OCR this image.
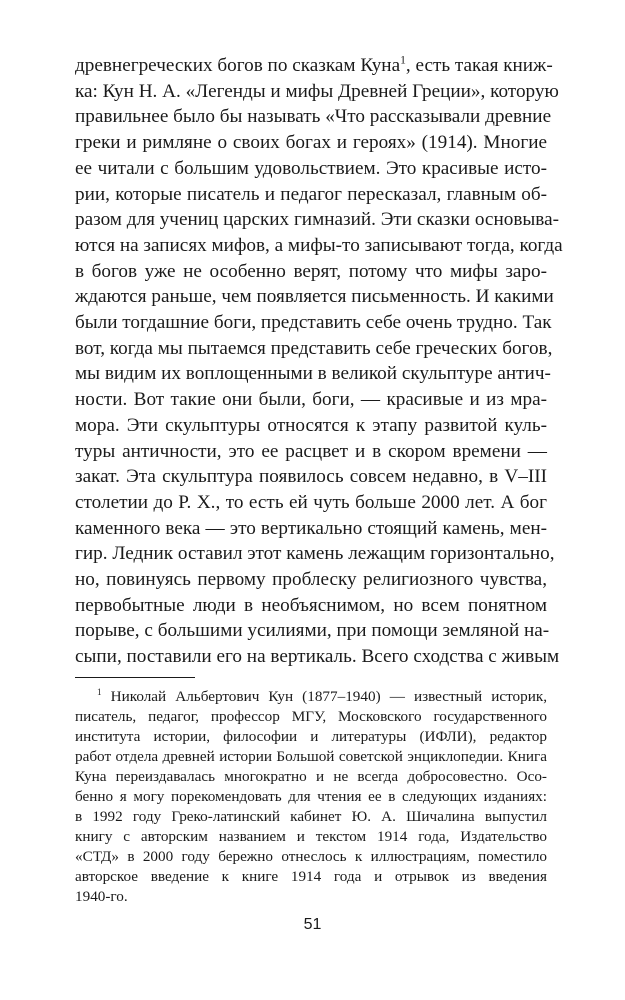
древнегреческих богов по сказкам Куна$^1$, есть такая книж-

ка: Кун Н. А. «Легенды и мифы Древней Греции», которую

правильнее было бы называть «Что рассказывали древние

греки и римляне о своих богах и героях» (1914). Многие

ее читали с большим удовольствием. Это красивые исто-

рии, которые писатель и педагог пересказал, главным об-

разом для учениц царских гимназий. Эти сказки основыва-

ются на записях мифов, а мифы-то записывают тогда, когда

в богов уже не особенно верят, потому что мифы заро-

ждаются раньше, чем появляется письменность. И какими

были тогдашние боги, представить себе очень трудно. Так

вот, когда мы пытаемся представить себе греческих богов,

мы видим их воплощенными в великой скульптуре антич-

ности. Вот такие они были, боги, — красивые и из мра-

мора. Эти скульптуры относятся к этапу развитой куль-

туры античности, это ее расцвет и в скором времени —

закат. Эта скульптура появилось совсем недавно, в V–III

столетии до Р. Х., то есть ей чуть больше 2000 лет. А бог

каменного века — это вертикально стоящий камень, мен-

гир. Ледник оставил этот камень лежащим горизонтально,

но, повинуясь первому проблеску религиозного чувства,

первобытные люди в необъяснимом, но всем понятном

порыве, с большими усилиями, при помощи земляной на-

сыпи, поставили его на вертикаль. Всего сходства с живым

$^1$ Николай Альбертович Кун (1877–1940) — известный историк,

писатель, педагог, профессор МГУ, Московского государственного

института истории, философии и литературы (ИФЛИ), редактор

работ отдела древней истории Большой советской энциклопедии. Книга

Куна переиздавалась многократно и не всегда добросовестно. Осо-

бенно я могу порекомендовать для чтения ее в следующих изданиях:

в 1992 году Греко-латинский кабинет Ю. А. Шичалина выпустил

книгу с авторским названием и текстом 1914 года, Издательство

«СТД» в 2000 году бережно отнеслось к иллюстрациям, поместило

авторское введение к книге 1914 года и отрывок из введения

1940-го.

51
